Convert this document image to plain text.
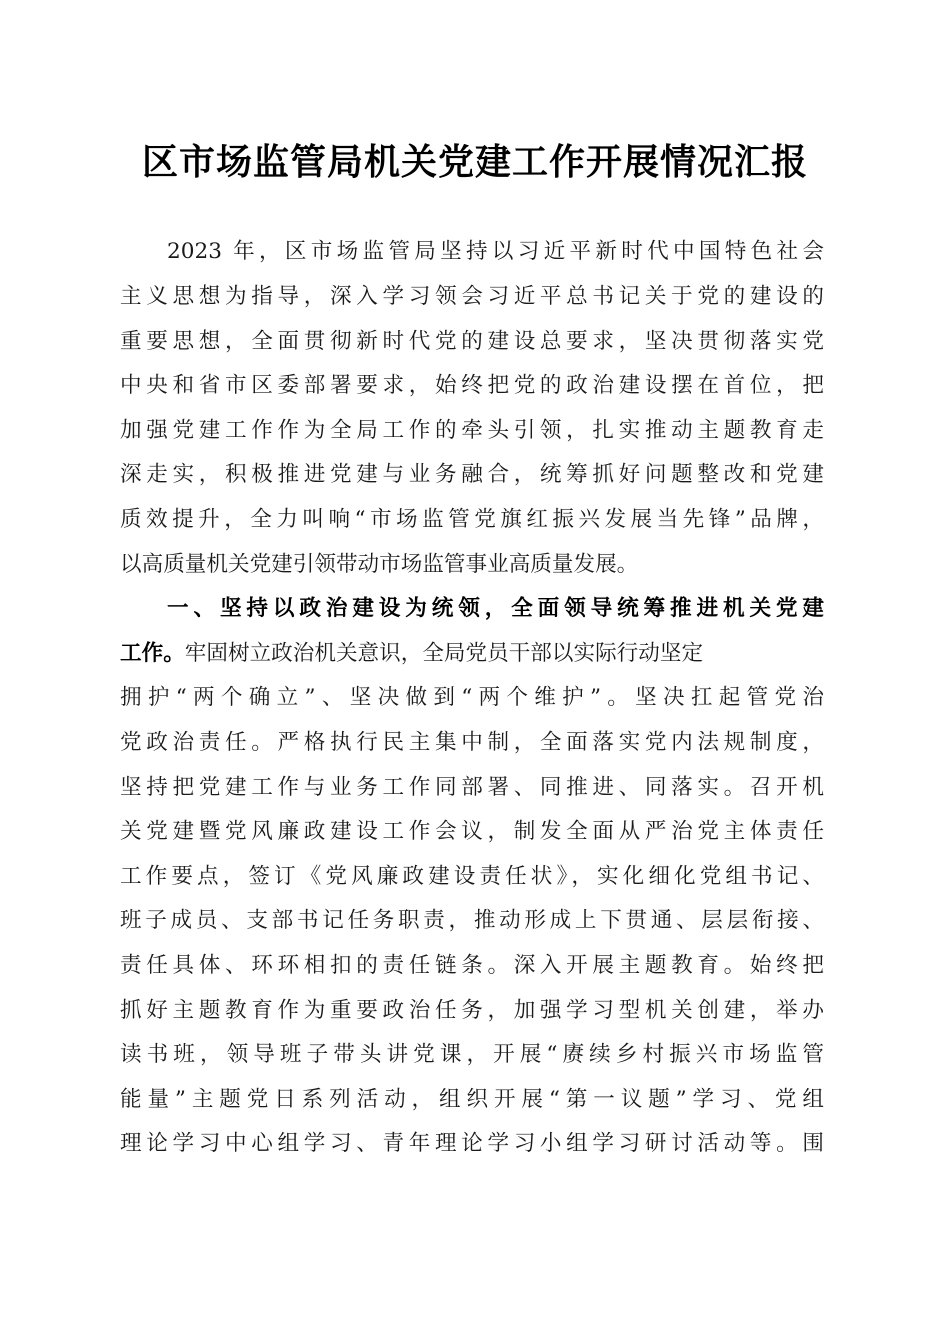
区市场监管局机关党建工作开展情况汇报
2023 年，区市场监管局坚持以习近平新时代中国特色社会
主义思想为指导，深入学习领会习近平总书记关于党的建设的
重要思想，全面贯彻新时代党的建设总要求，坚决贯彻落实党
中央和省市区委部署要求，始终把党的政治建设摆在首位，把
加强党建工作作为全局工作的牵头引领，扎实推动主题教育走
深走实，积极推进党建与业务融合，统筹抓好问题整改和党建
质效提升，全力叫响“市场监管党旗红振兴发展当先锋”品牌，
以高质量机关党建引领带动市场监管事业高质量发展。
一、坚持以政治建设为统领，全面领导统筹推进机关党建
工作。牢固树立政治机关意识，全局党员干部以实际行动坚定
拥护“两个确立”、坚决做到“两个维护”。坚决扛起管党治
党政治责任。严格执行民主集中制，全面落实党内法规制度，
坚持把党建工作与业务工作同部署、同推进、同落实。召开机
关党建暨党风廉政建设工作会议，制发全面从严治党主体责任
工作要点，签订《党风廉政建设责任状》，实化细化党组书记、
班子成员、支部书记任务职责，推动形成上下贯通、层层衔接、
责任具体、环环相扣的责任链条。深入开展主题教育。始终把
抓好主题教育作为重要政治任务，加强学习型机关创建，举办
读书班，领导班子带头讲党课，开展“赓续乡村振兴市场监管
能量”主题党日系列活动，组织开展“第一议题”学习、党组
理论学习中心组学习、青年理论学习小组学习研讨活动等。围
